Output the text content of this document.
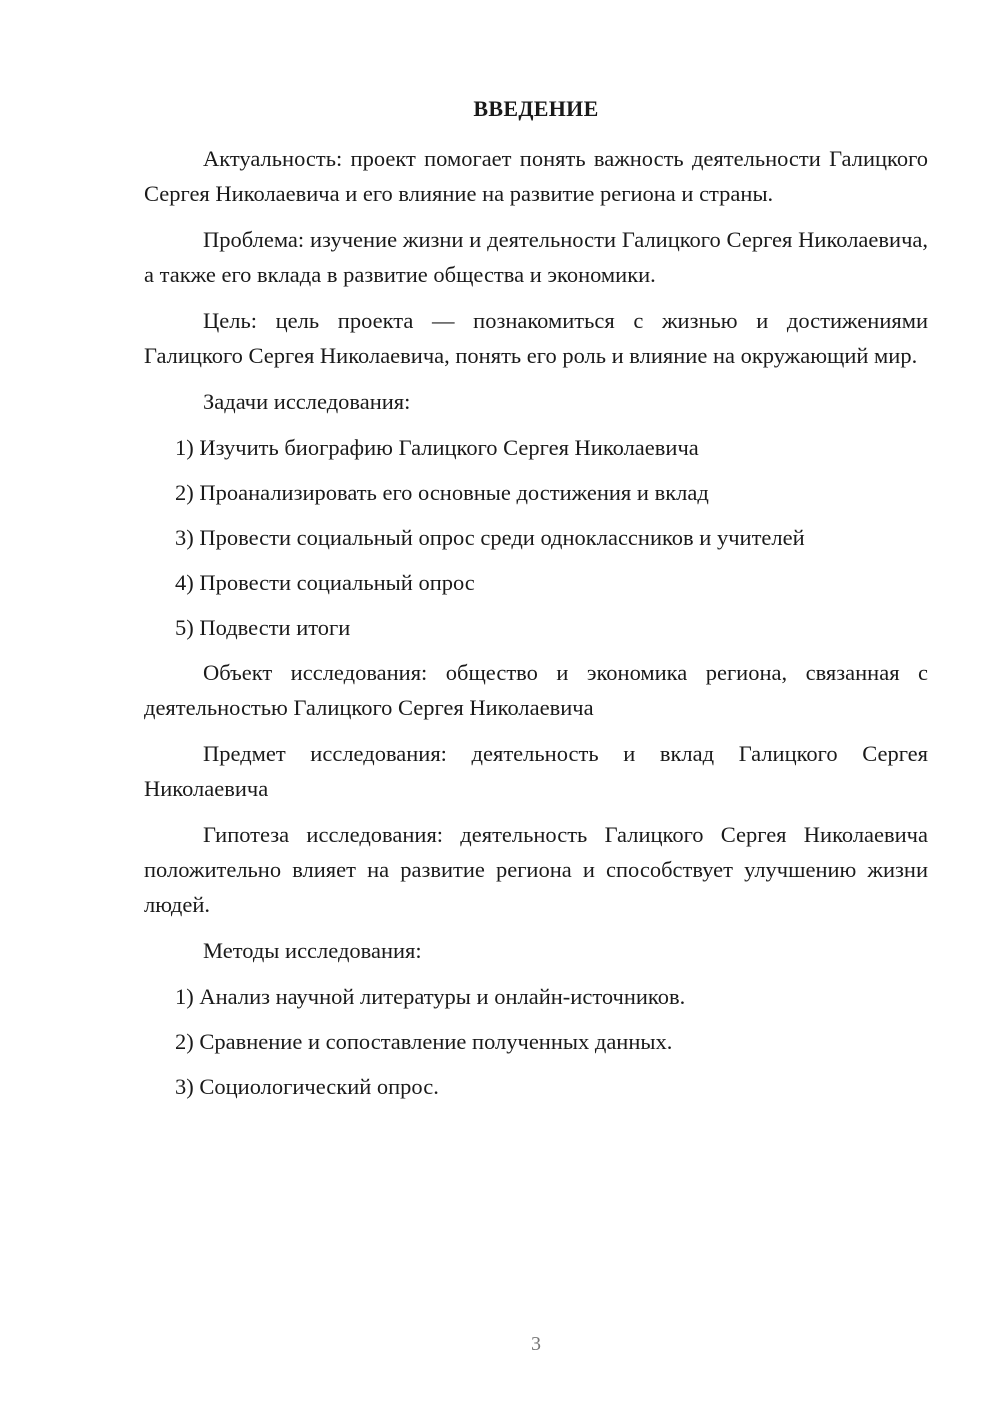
ВВЕДЕНИЕ

Актуальность: проект помогает понять важность деятельности Галицкого Сергея Николаевича и его влияние на развитие региона и страны.

Проблема: изучение жизни и деятельности Галицкого Сергея Николаевича, а также его вклада в развитие общества и экономики.

Цель: цель проекта — познакомиться с жизнью и достижениями Галицкого Сергея Николаевича, понять его роль и влияние на окружающий мир.

Задачи исследования:
1) Изучить биографию Галицкого Сергея Николаевича
2) Проанализировать его основные достижения и вклад
3) Провести социальный опрос среди одноклассников и учителей
4) Провести социальный опрос
5) Подвести итоги

Объект исследования: общество и экономика региона, связанная с деятельностью Галицкого Сергея Николаевича

Предмет исследования: деятельность и вклад Галицкого Сергея Николаевича

Гипотеза исследования: деятельность Галицкого Сергея Николаевича положительно влияет на развитие региона и способствует улучшению жизни людей.

Методы исследования:
1) Анализ научной литературы и онлайн-источников.
2) Сравнение и сопоставление полученных данных.
3) Социологический опрос.
3
